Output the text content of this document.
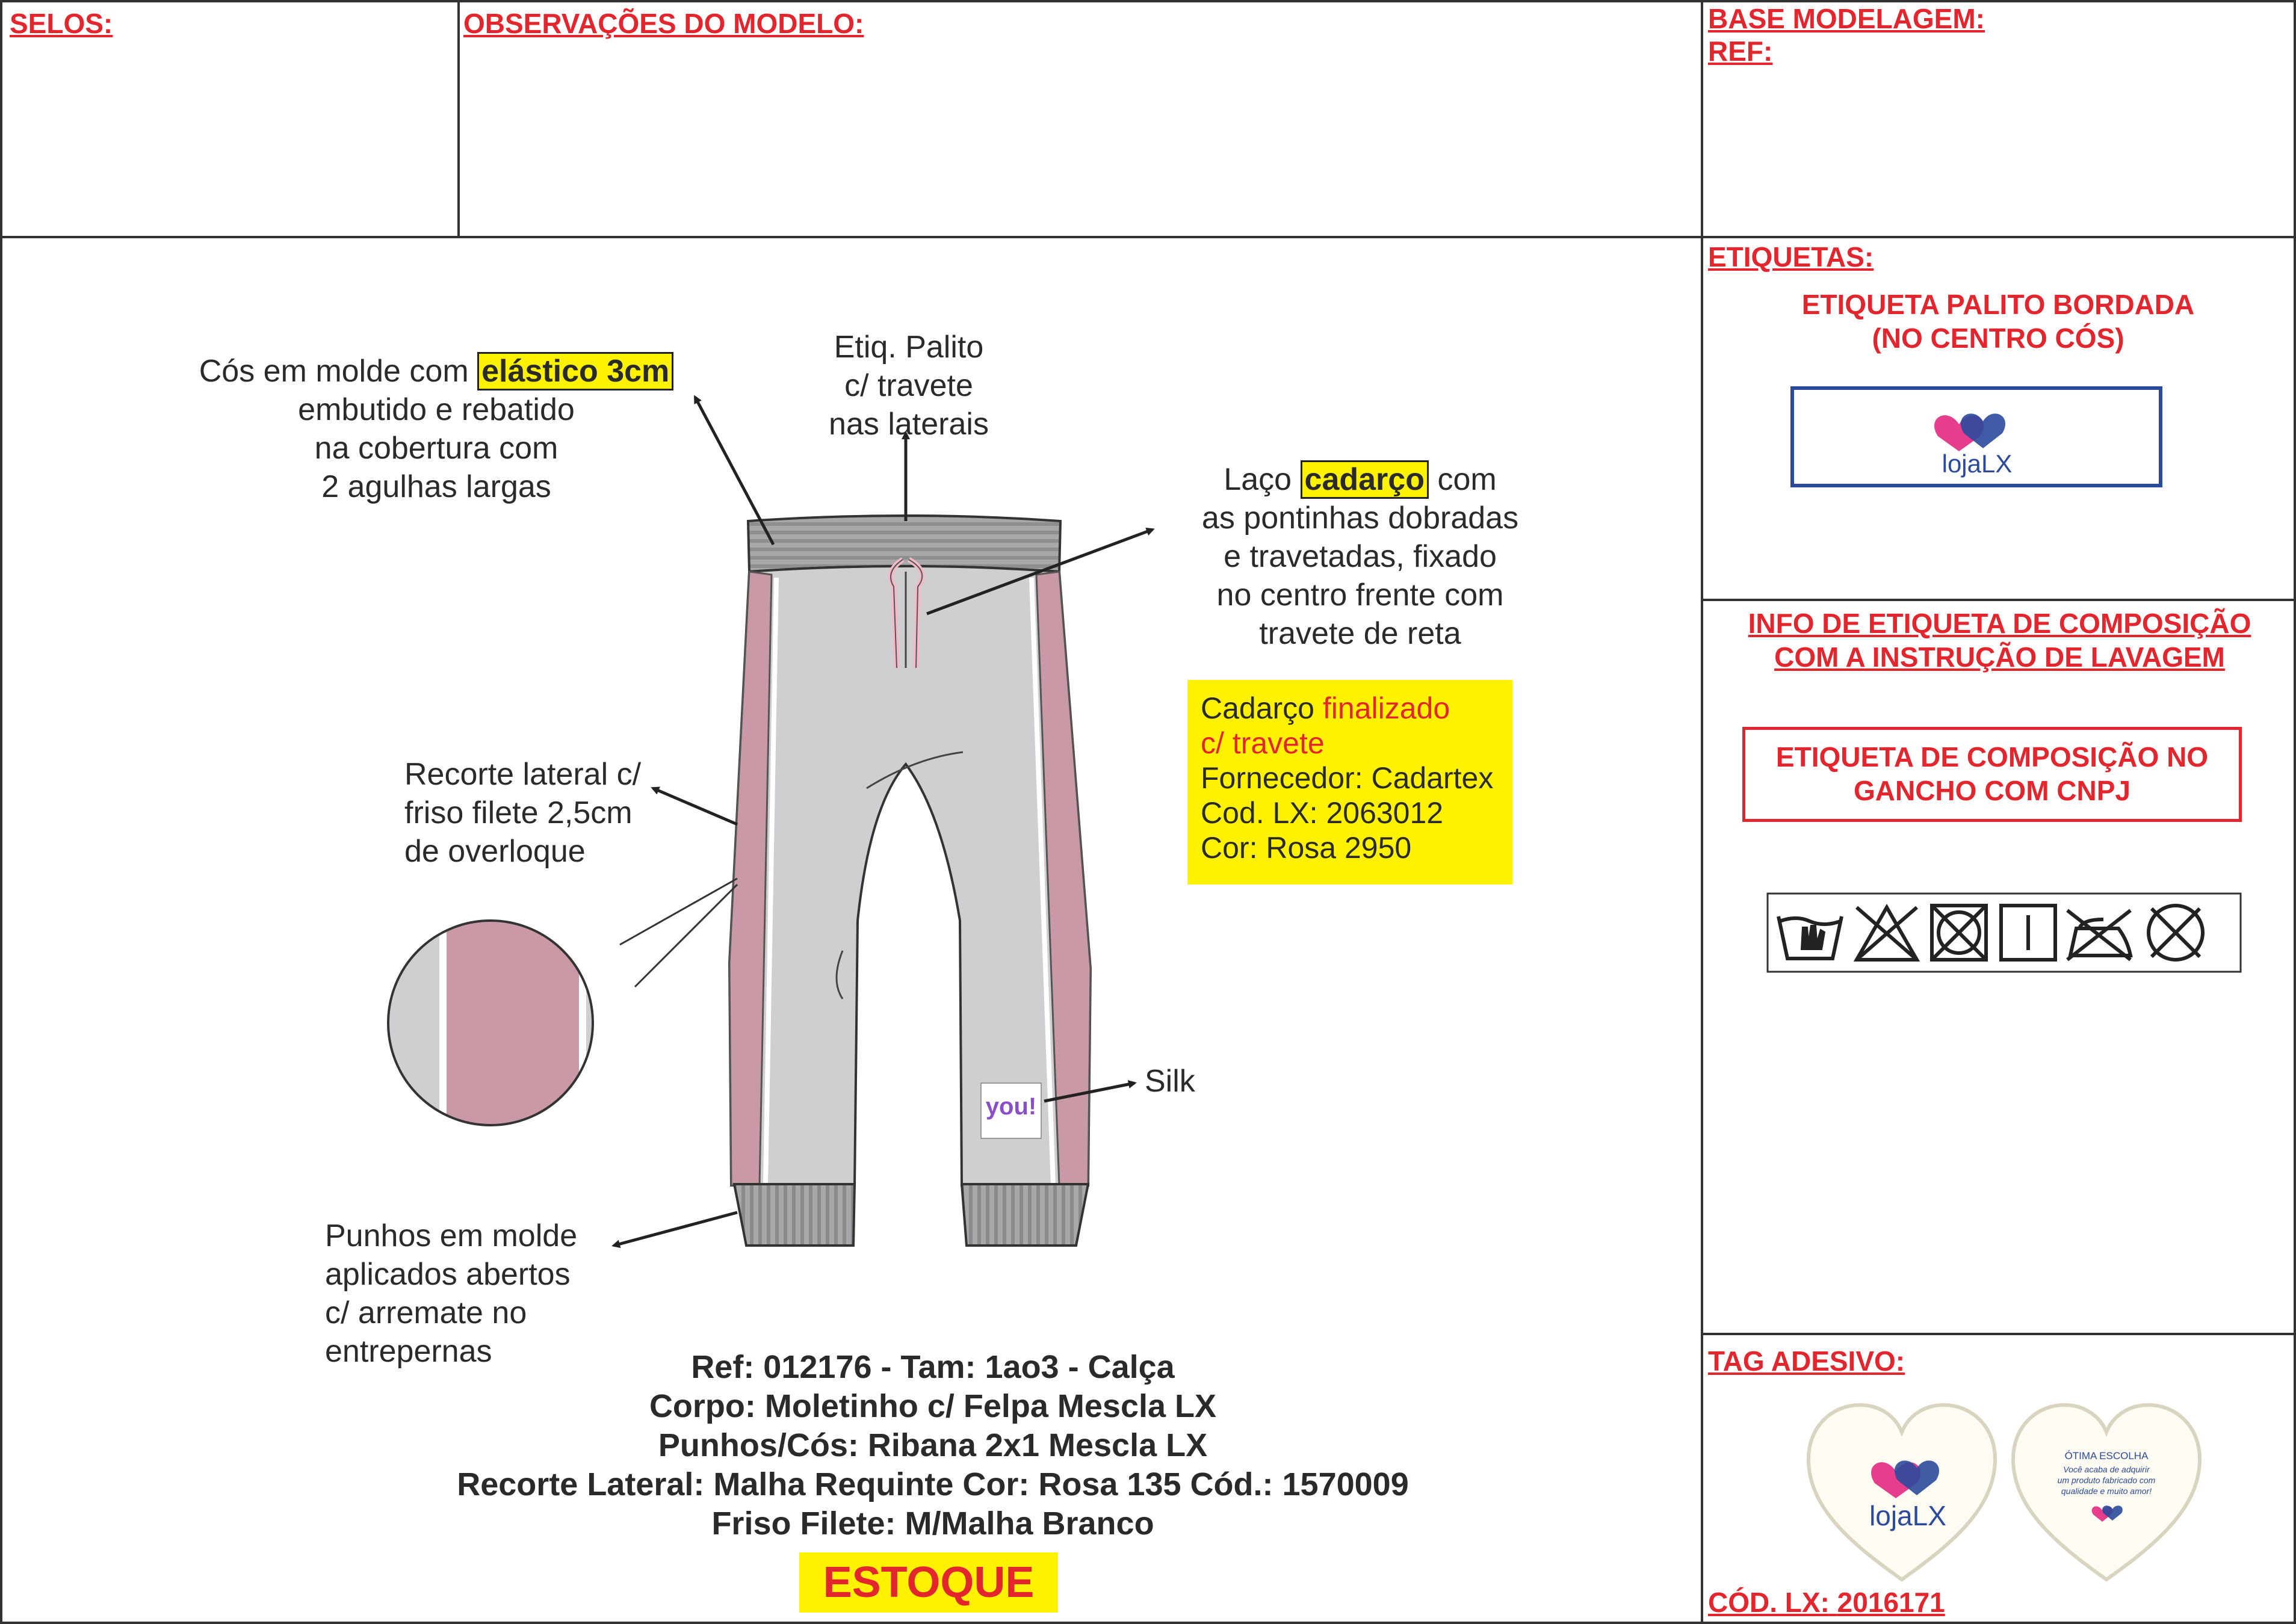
SELOS:	OBSERVAÇÕES DO MODELO:	BASE MODELAGEM:
REF:
you!
Cós em molde com elástico 3cm
embutido e rebatido
na cobertura com
2 agulhas largas
Etiq. Palito
c/ travete
nas laterais
Laço cadarço com
as pontinhas dobradas
e travetadas, fixado
no centro frente com
travete de reta
Cadarço finalizado
c/ travete
Fornecedor: Cadartex
Cod. LX: 2063012
Cor: Rosa 2950
Recorte lateral c/
friso filete 2,5cm
de overloque
Silk
Punhos em molde
aplicados abertos
c/ arremate no
entrepernas	Ref: 012176 - Tam: 1ao3 - Calça
Corpo: Moletinho c/ Felpa Mescla LX
Punhos/Cós: Ribana 2x1 Mescla LX
Recorte Lateral: Malha Requinte Cor: Rosa 135 Cód.: 1570009
Friso Filete: M/Malha Branco
ESTOQUE
ETIQUETAS:
ETIQUETA PALITO BORDADA
(NO CENTRO CÓS)
lojaLX
INFO DE ETIQUETA DE COMPOSIÇÃO
COM A INSTRUÇÃO DE LAVAGEM
ETIQUETA DE COMPOSIÇÃO NO
GANCHO COM CNPJ
TAG ADESIVO:
lojaLX
ÓTIMA ESCOLHA
Você acaba de adquirir
um produto fabricado com
qualidade e muito amor!
CÓD. LX: 2016171
